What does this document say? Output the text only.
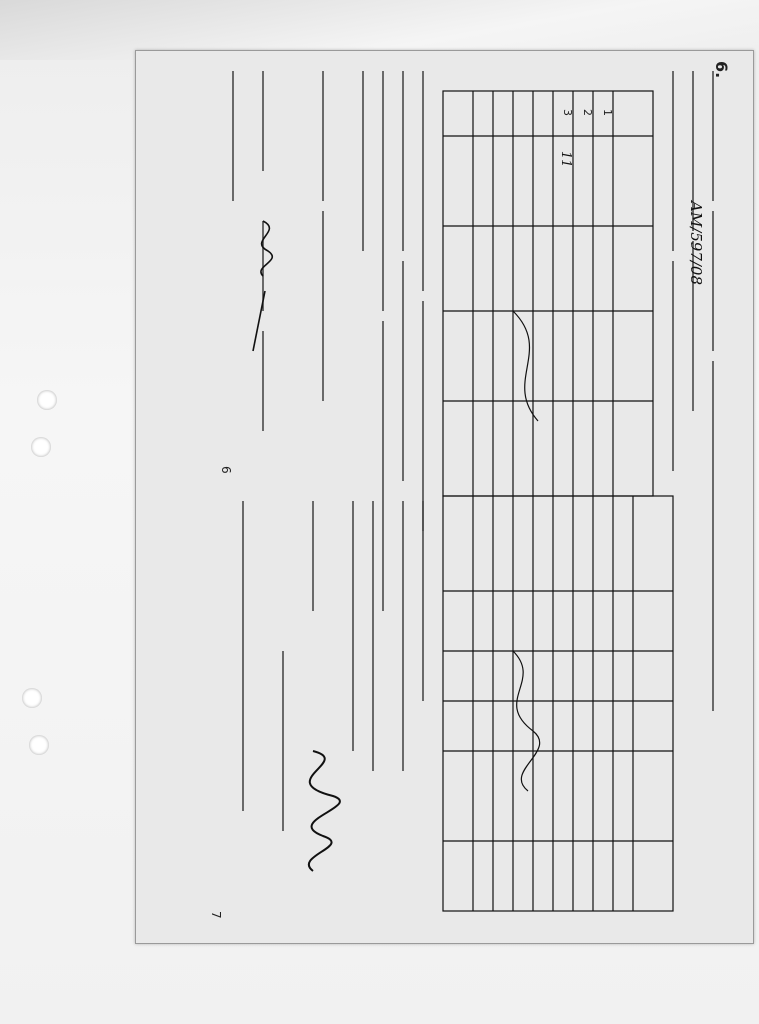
6.
AM/597/08
1
2
3
11
6
7
